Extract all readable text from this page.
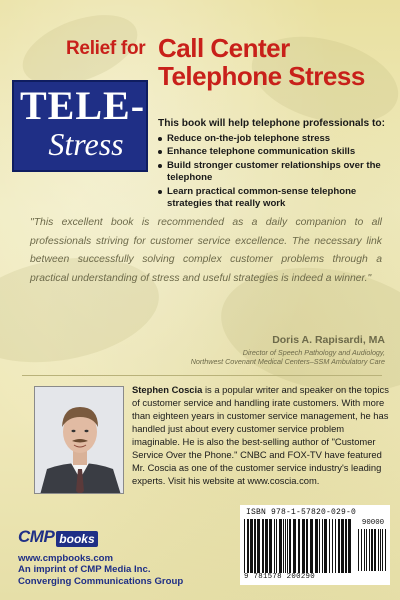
Relief for Call Center
Telephone Stress
TELE-
Stress
This book will help telephone professionals to:
Reduce on-the-job telephone stress
Enhance telephone communication skills
Build stronger customer relationships over the telephone
Learn practical common-sense telephone strategies that really work
"This excellent book is recommended as a daily companion to all professionals striving for customer service excellence. The necessary link between successfully solving complex customer problems through a practical understanding of stress and useful strategies is indeed a winner."
Doris A. Rapisardi, MA
Director of Speech Pathology and Audiology,
Northwest Covenant Medical Centers–SSM Ambulatory Care
Stephen Coscia is a popular writer and speaker on the topics of customer service and handling irate customers. With more than eighteen years in customer service management, he has handled just about every customer service problem imaginable. He is also the best-selling author of "Customer Service Over the Phone." CNBC and FOX-TV have featured Mr. Coscia as one of the customer service industry's leading experts. Visit his website at www.coscia.com.
ISBN 978-1-57820-029-0
90000
9 781578 200290
CMP books
www.cmpbooks.com
An imprint of CMP Media Inc.
Converging Communications Group
